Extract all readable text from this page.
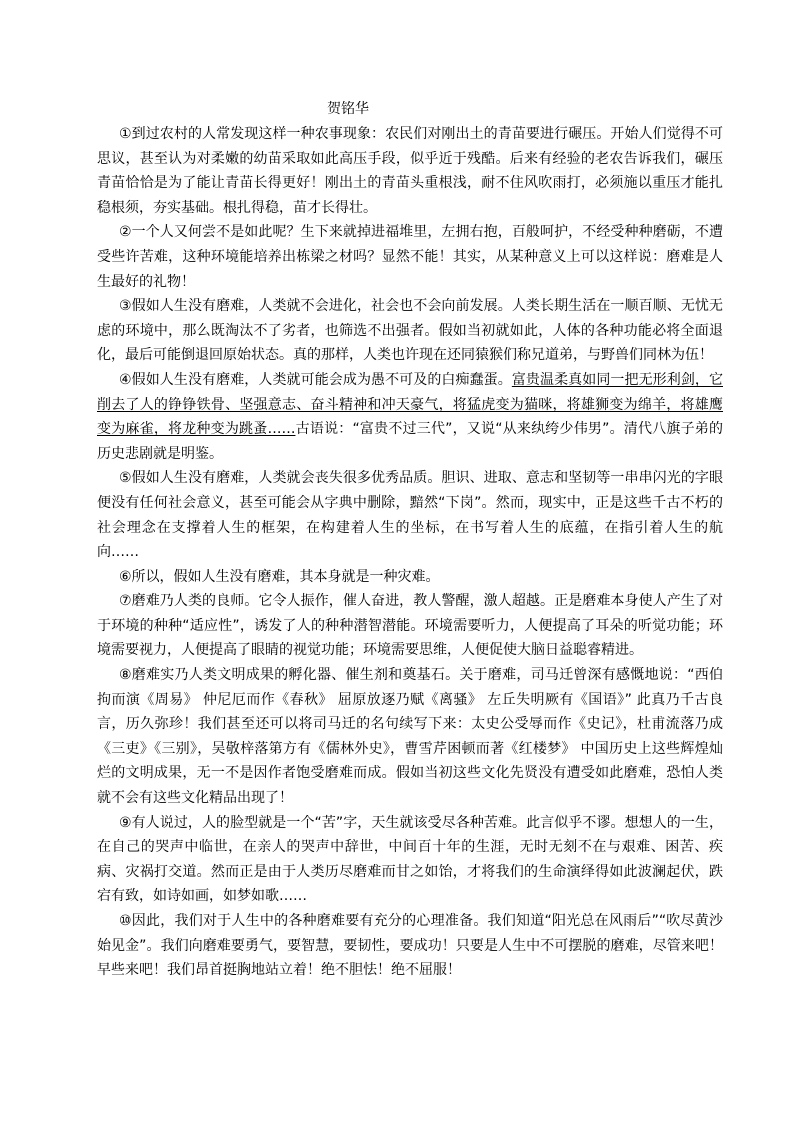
贺铭华

①到过农村的人常发现这样一种农事现象：农民们对刚出土的青苗要进行碾压。开始人们觉得不可思议，甚至认为对柔嫩的幼苗采取如此高压手段，似乎近于残酷。后来有经验的老农告诉我们，碾压青苗恰恰是为了能让青苗长得更好！刚出土的青苗头重根浅，耐不住风吹雨打，必须施以重压才能扎稳根须，夯实基础。根扎得稳，苗才长得壮。

②一个人又何尝不是如此呢？生下来就掉进福堆里，左拥右抱，百般呵护，不经受种种磨砺，不遭受些许苦难，这种环境能培养出栋梁之材吗？显然不能！其实，从某种意义上可以这样说：磨难是人生最好的礼物！

③假如人生没有磨难，人类就不会进化，社会也不会向前发展。人类长期生活在一顺百顺、无忧无虑的环境中，那么既淘汰不了劣者，也筛选不出强者。假如当初就如此，人体的各种功能必将全面退化，最后可能倒退回原始状态。真的那样，人类也许现在还同猿猴们称兄道弟，与野兽们同林为伍！

④假如人生没有磨难，人类就可能会成为愚不可及的白痴蠢蛋。富贵温柔真如同一把无形利剑，它削去了人的铮铮铁骨、坚强意志、奋斗精神和冲天豪气，将猛虎变为猫咪，将雄狮变为绵羊，将雄鹰变为麻雀，将龙种变为跳蚤……古语说：“富贵不过三代”，又说“从来纨绔少伟男”。清代八旗子弟的历史悲剧就是明鉴。

⑤假如人生没有磨难，人类就会丧失很多优秀品质。胆识、进取、意志和坚韧等一串串闪光的字眼便没有任何社会意义，甚至可能会从字典中删除，黯然“下岗”。然而，现实中，正是这些千古不朽的社会理念在支撑着人生的框架，在构建着人生的坐标，在书写着人生的底蕴，在指引着人生的航向……

⑥所以，假如人生没有磨难，其本身就是一种灾难。

⑦磨难乃人类的良师。它令人振作，催人奋进，教人警醒，激人超越。正是磨难本身使人产生了对于环境的种种“适应性”，诱发了人的种种潜智潜能。环境需要听力，人便提高了耳朵的听觉功能；环境需要视力，人便提高了眼睛的视觉功能；环境需要思维，人便促使大脑日益聪睿精进。

⑧磨难实乃人类文明成果的孵化器、催生剂和奠基石。关于磨难，司马迁曾深有感慨地说：“西伯拘而演《周易》 仲尼厄而作《春秋》 屈原放逐乃赋《离骚》 左丘失明厥有《国语》” 此真乃千古良言，历久弥珍！我们甚至还可以将司马迁的名句续写下来：太史公受辱而作《史记》，杜甫流落乃成《三吏》《三别》，吴敬梓落第方有《儒林外史》，曹雪芹困顿而著《红楼梦》 中国历史上这些辉煌灿烂的文明成果，无一不是因作者饱受磨难而成。假如当初这些文化先贤没有遭受如此磨难，恐怕人类就不会有这些文化精品出现了！

⑨有人说过，人的脸型就是一个“苦”字，天生就该受尽各种苦难。此言似乎不谬。想想人的一生，在自己的哭声中临世，在亲人的哭声中辞世，中间百十年的生涯，无时无刻不在与艰难、困苦、疾病、灾祸打交道。然而正是由于人类历尽磨难而甘之如饴，才将我们的生命演绎得如此波澜起伏，跌宕有致，如诗如画，如梦如歌……

⑩因此，我们对于人生中的各种磨难要有充分的心理准备。我们知道“阳光总在风雨后”“吹尽黄沙始见金”。我们向磨难要勇气，要智慧，要韧性，要成功！只要是人生中不可摆脱的磨难，尽管来吧！早些来吧！我们昂首挺胸地站立着！绝不胆怯！绝不屈服！
